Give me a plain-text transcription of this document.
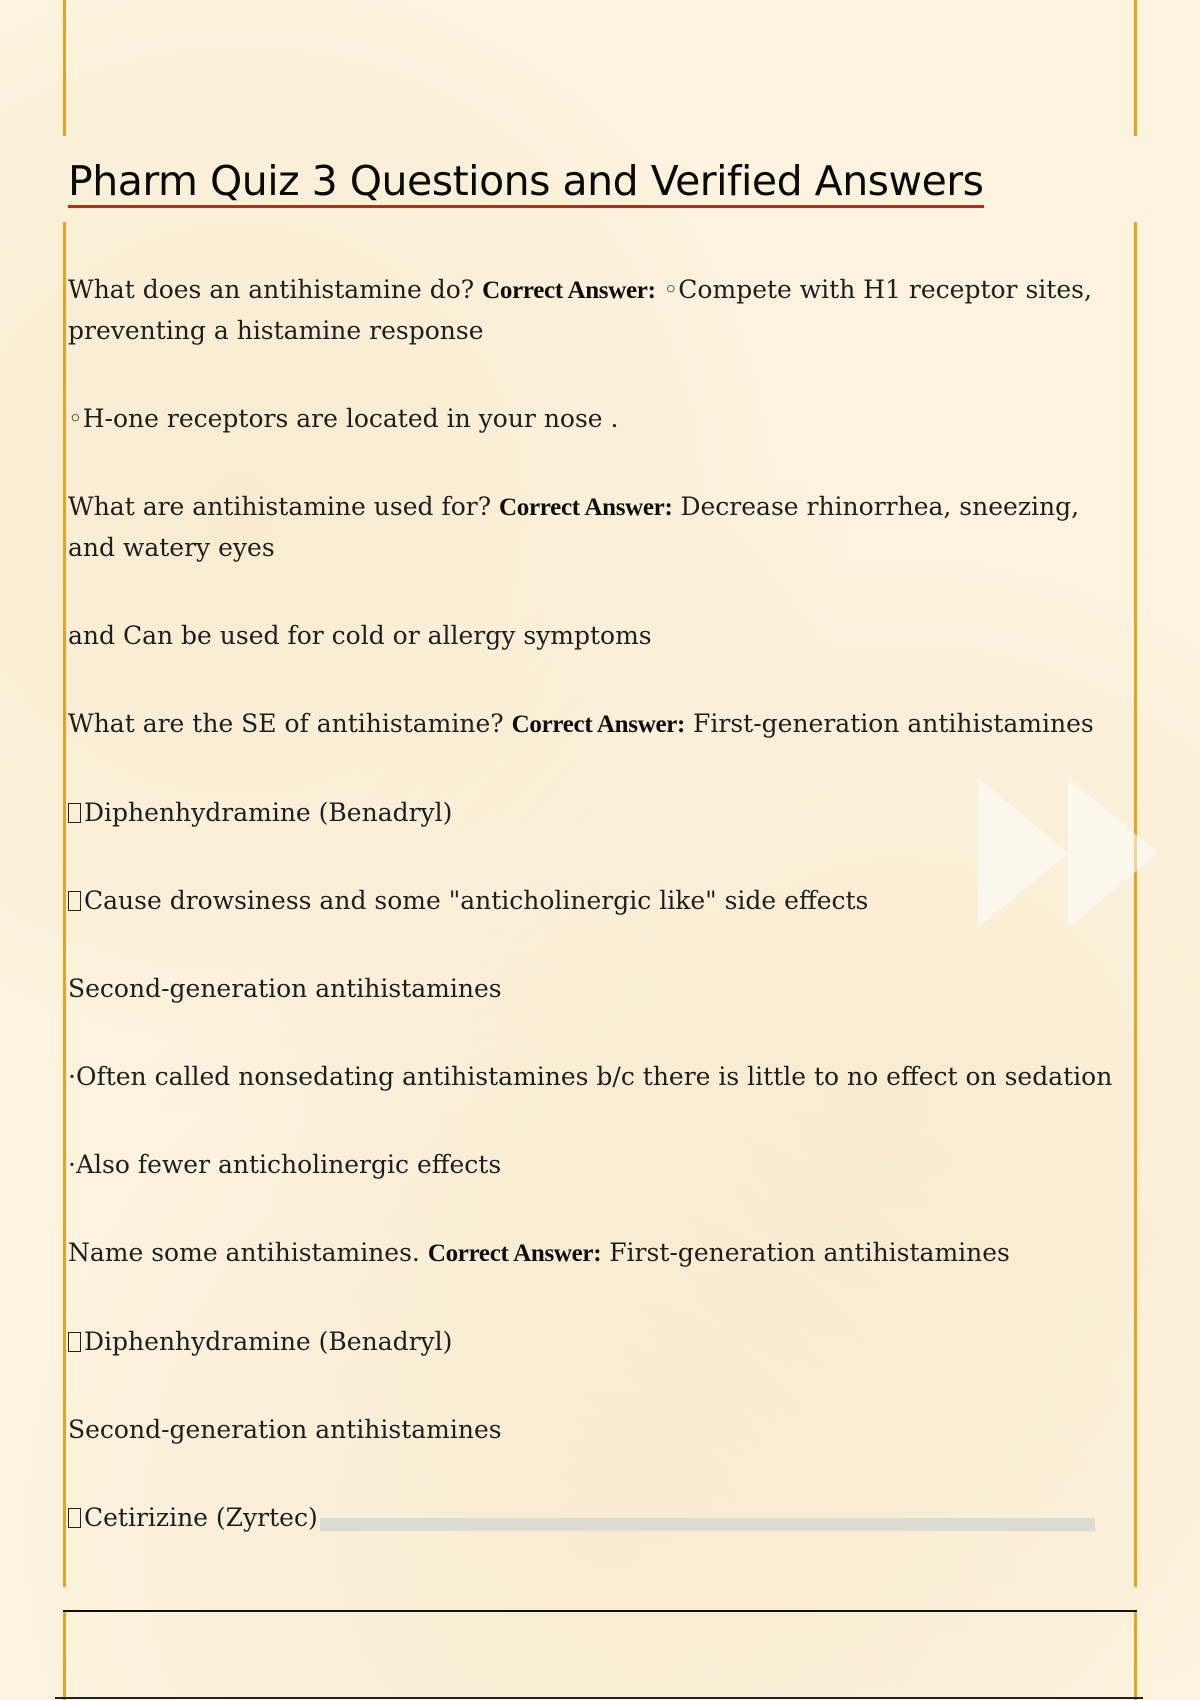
Pharm Quiz 3 Questions and Verified Answers

What does an antihistamine do? Correct Answer: ◦Compete with H1 receptor sites, preventing a histamine response

◦H-one receptors are located in your nose .

What are antihistamine used for? Correct Answer: Decrease rhinorrhea, sneezing, and watery eyes

and Can be used for cold or allergy symptoms

What are the SE of antihistamine? Correct Answer: First-generation antihistamines

Diphenhydramine (Benadryl)

Cause drowsiness and some "anticholinergic like" side effects

Second-generation antihistamines

·Often called nonsedating antihistamines b/c there is little to no effect on sedation

·Also fewer anticholinergic effects

Name some antihistamines. Correct Answer: First-generation antihistamines

Diphenhydramine (Benadryl)

Second-generation antihistamines

Cetirizine (Zyrtec)
